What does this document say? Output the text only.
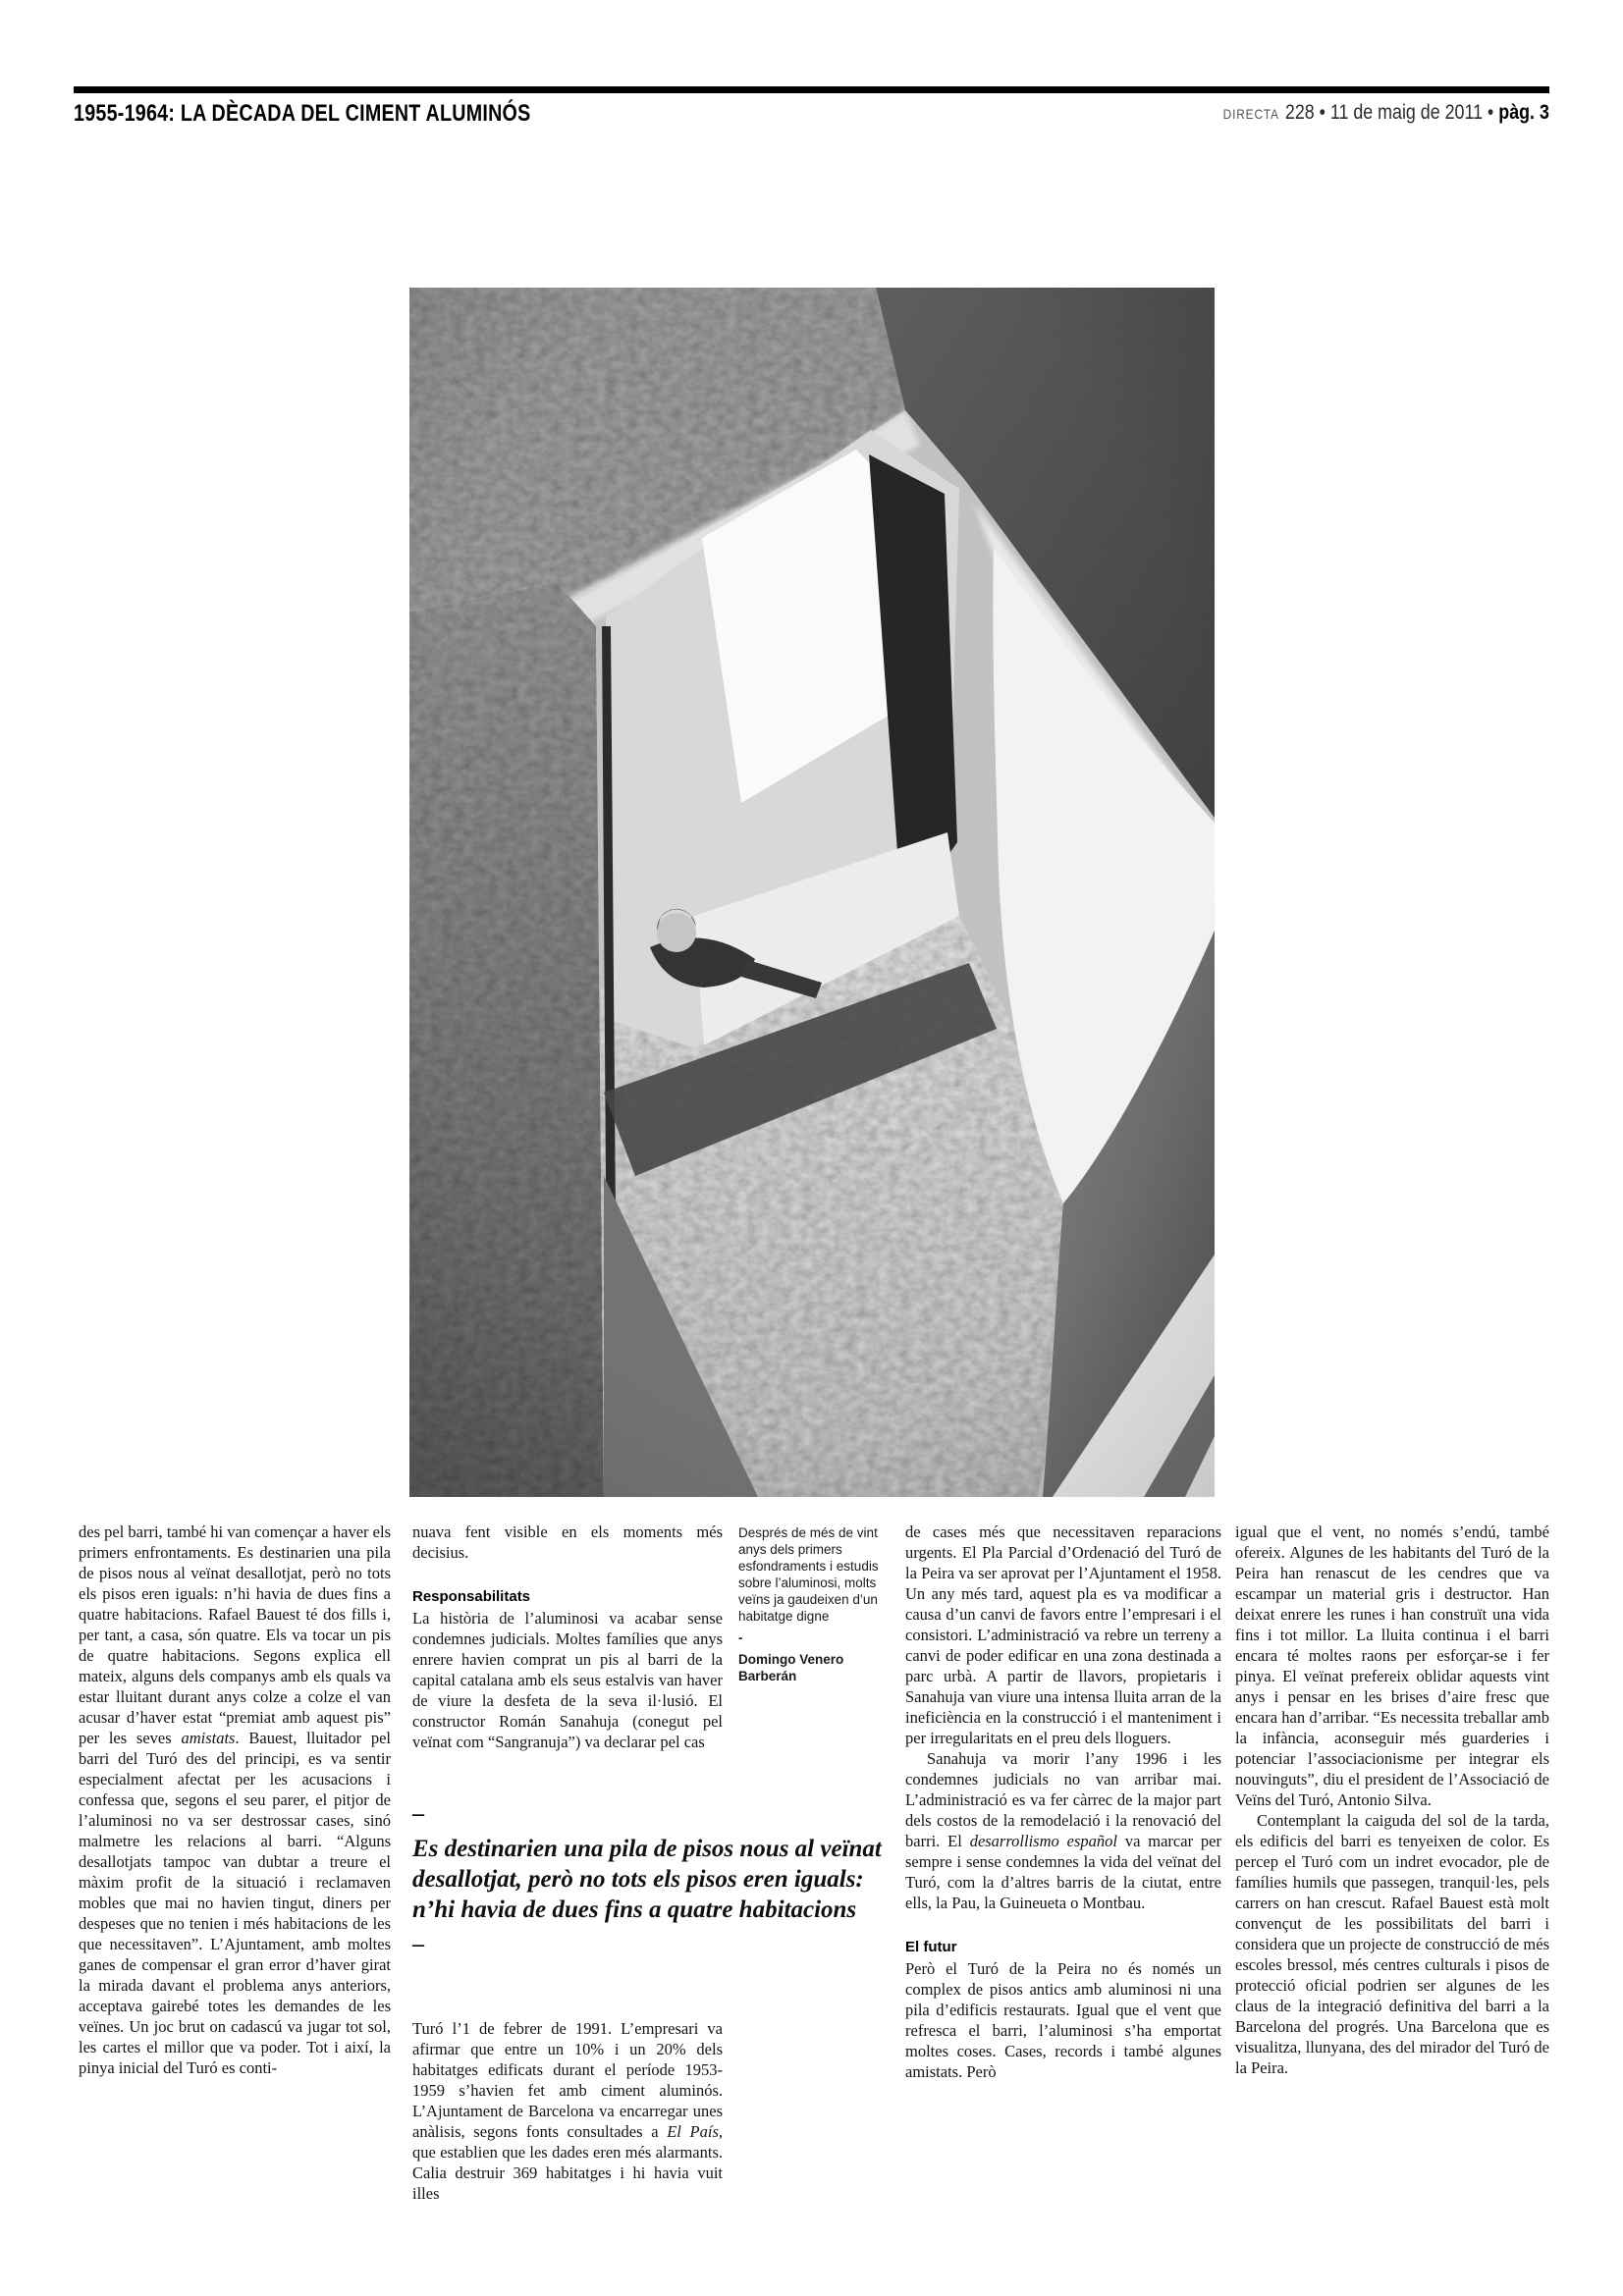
1955-1964: LA DÈCADA DEL CIMENT ALUMINÓS	DIRECTA 228 • 11 de maig de 2011 • pàg. 3

des pel barri, també hi van començar a haver els primers enfrontaments. Es destinarien una pila de pisos nous al veïnat desallotjat, però no tots els pisos eren iguals: n’hi havia de dues fins a quatre habitacions. Rafael Bauest té dos fills i, per tant, a casa, són quatre. Els va tocar un pis de quatre habitacions. Segons explica ell mateix, alguns dels companys amb els quals va estar lluitant durant anys colze a colze el van acusar d’haver estat “premiat amb aquest pis” per les seves amistats. Bauest, lluitador pel barri del Turó des del principi, es va sentir especialment afectat per les acusacions i confessa que, segons el seu parer, el pitjor de l’aluminosi no va ser destrossar cases, sinó malmetre les relacions al barri. “Alguns desallotjats tampoc van dubtar a treure el màxim profit de la situació i reclamaven mobles que mai no havien tingut, diners per despeses que no tenien i més habitacions de les que necessitaven”. L’Ajuntament, amb moltes ganes de compensar el gran error d’haver girat la mirada davant el problema anys anteriors, acceptava gairebé totes les demandes de les veïnes. Un joc brut on cadascú va jugar tot sol, les cartes el millor que va poder. Tot i així, la pinya inicial del Turó es conti-

nuava fent visible en els moments més decisius.

Responsabilitats

La història de l’aluminosi va acabar sense condemnes judicials. Moltes famílies que anys enrere havien comprat un pis al barri de la capital catalana amb els seus estalvis van haver de viure la desfeta de la seva il·lusió. El constructor Román Sanahuja (conegut pel veïnat com “Sangranuja”) va declarar pel cas

Després de més de vint anys dels primers esfondraments i estudis sobre l’aluminosi, molts veïns ja gaudeixen d’un habitatge digne
-
Domingo Venero Barberán
–
Es destinarien una pila de pisos nous al veïnat desallotjat, però no tots els pisos eren iguals: n’hi havia de dues fins a quatre habitacions
–

Turó l’1 de febrer de 1991. L’empresari va afirmar que entre un 10% i un 20% dels habitatges edificats durant el període 1953-1959 s’havien fet amb ciment aluminós. L’Ajuntament de Barcelona va encarregar unes anàlisis, segons fonts consultades a El País, que establien que les dades eren més alarmants. Calia destruir 369 habitatges i hi havia vuit illes

de cases més que necessitaven reparacions urgents. El Pla Parcial d’Ordenació del Turó de la Peira va ser aprovat per l’Ajuntament el 1958. Un any més tard, aquest pla es va modificar a causa d’un canvi de favors entre l’empresari i el consistori. L’administració va rebre un terreny a canvi de poder edificar en una zona destinada a parc urbà. A partir de llavors, propietaris i Sanahuja van viure una intensa lluita arran de la ineficiència en la construcció i el manteniment i per irregularitats en el preu dels lloguers.

Sanahuja va morir l’any 1996 i les condemnes judicials no van arribar mai. L’administració es va fer càrrec de la major part dels costos de la remodelació i la renovació del barri. El desarrollismo español va marcar per sempre i sense condemnes la vida del veïnat del Turó, com la d’altres barris de la ciutat, entre ells, la Pau, la Guineueta o Montbau.

El futur

Però el Turó de la Peira no és només un complex de pisos antics amb aluminosi ni una pila d’edificis restaurats. Igual que el vent que refresca el barri, l’aluminosi s’ha emportat moltes coses. Cases, records i també algunes amistats. Però

igual que el vent, no només s’endú, també ofereix. Algunes de les habitants del Turó de la Peira han renascut de les cendres que va escampar un material gris i destructor. Han deixat enrere les runes i han construït una vida fins i tot millor. La lluita continua i el barri encara té moltes raons per esforçar-se i fer pinya. El veïnat prefereix oblidar aquests vint anys i pensar en les brises d’aire fresc que encara han d’arribar. “Es necessita treballar amb la infància, aconseguir més guarderies i potenciar l’associacionisme per integrar els nouvinguts”, diu el president de l’Associació de Veïns del Turó, Antonio Silva.

Contemplant la caiguda del sol de la tarda, els edificis del barri es tenyeixen de color. Es percep el Turó com un indret evocador, ple de famílies humils que passegen, tranquil·les, pels carrers on han crescut. Rafael Bauest està molt convençut de les possibilitats del barri i considera que un projecte de construcció de més escoles bressol, més centres culturals i pisos de protecció oficial podrien ser algunes de les claus de la integració definitiva del barri a la Barcelona del progrés. Una Barcelona que es visualitza, llunyana, des del mirador del Turó de la Peira.
